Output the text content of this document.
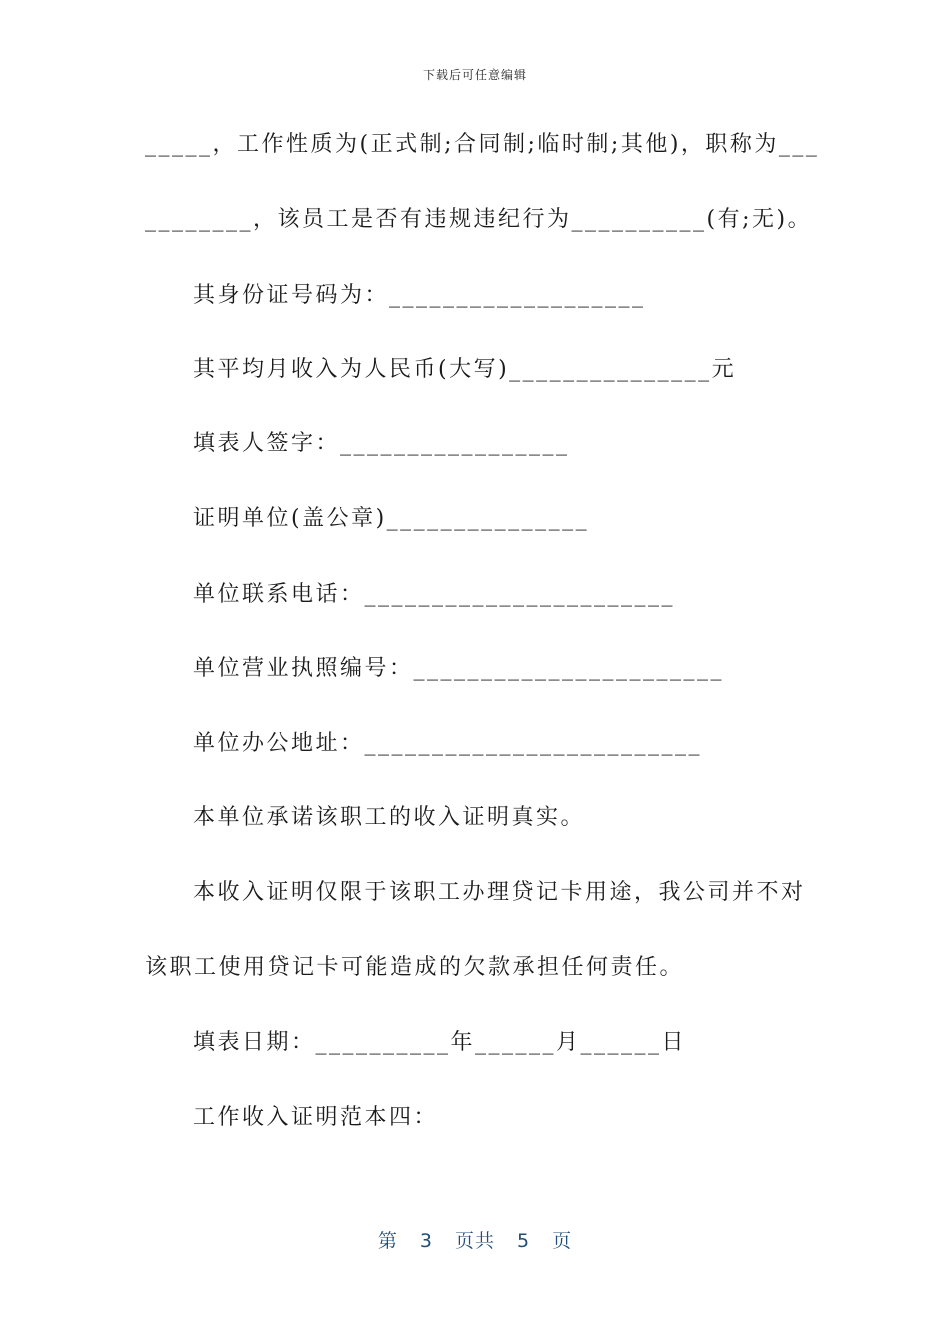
下载后可任意编辑
_____，工作性质为(正式制;合同制;临时制;其他)，职称为___
________，该员工是否有违规违纪行为__________(有;无)。
其身份证号码为：___________________
其平均月收入为人民币(大写)_______________元
填表人签字：_________________
证明单位(盖公章)_______________
单位联系电话：_______________________
单位营业执照编号：_______________________
单位办公地址：_________________________
本单位承诺该职工的收入证明真实。
本收入证明仅限于该职工办理贷记卡用途，我公司并不对
该职工使用贷记卡可能造成的欠款承担任何责任。
填表日期：__________年______月______日
工作收入证明范本四：
第 3 页共 5 页
